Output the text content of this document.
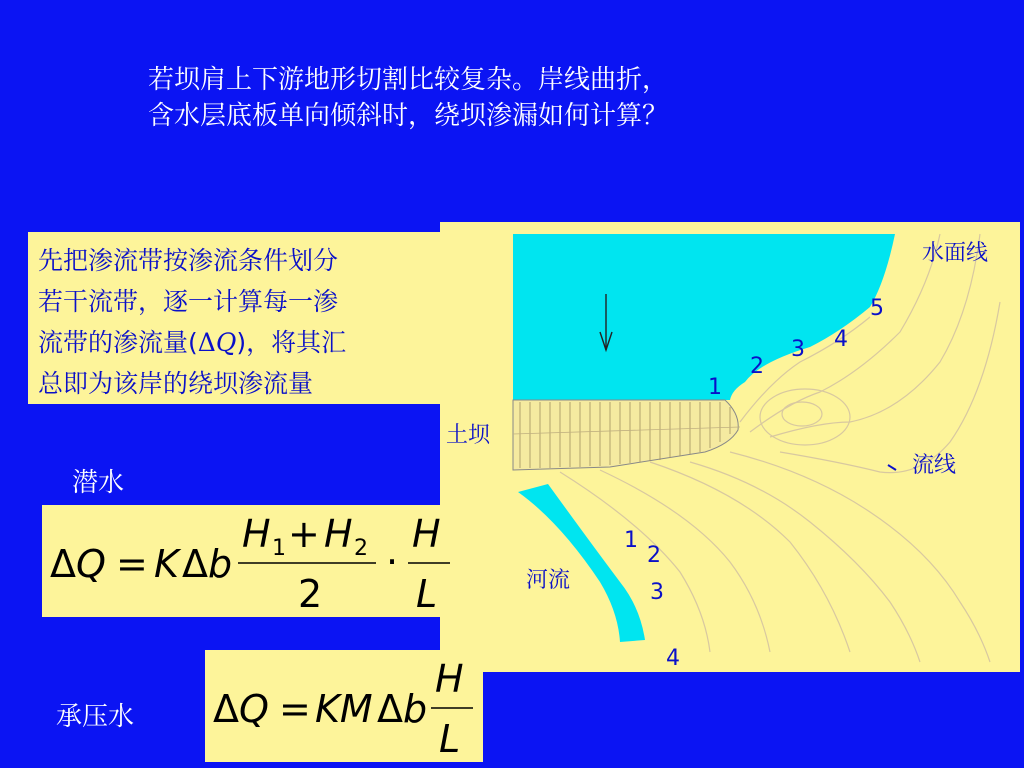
若坝肩上下游地形切割比较复杂。岸线曲折，
含水层底板单向倾斜时，绕坝渗漏如何计算？
先把渗流带按渗流条件划分
若干流带，逐一计算每一渗
流带的渗流量(ΔQ)，将其汇
总即为该岸的绕坝渗流量
潜水
承压水
水面线
土坝
流线
河流
1
2
3 4
5
1
2
3
4
Δ Q = K Δ b
H 1 + H 2
2
·
H
L
Δ Q = KM Δ b
H
L
